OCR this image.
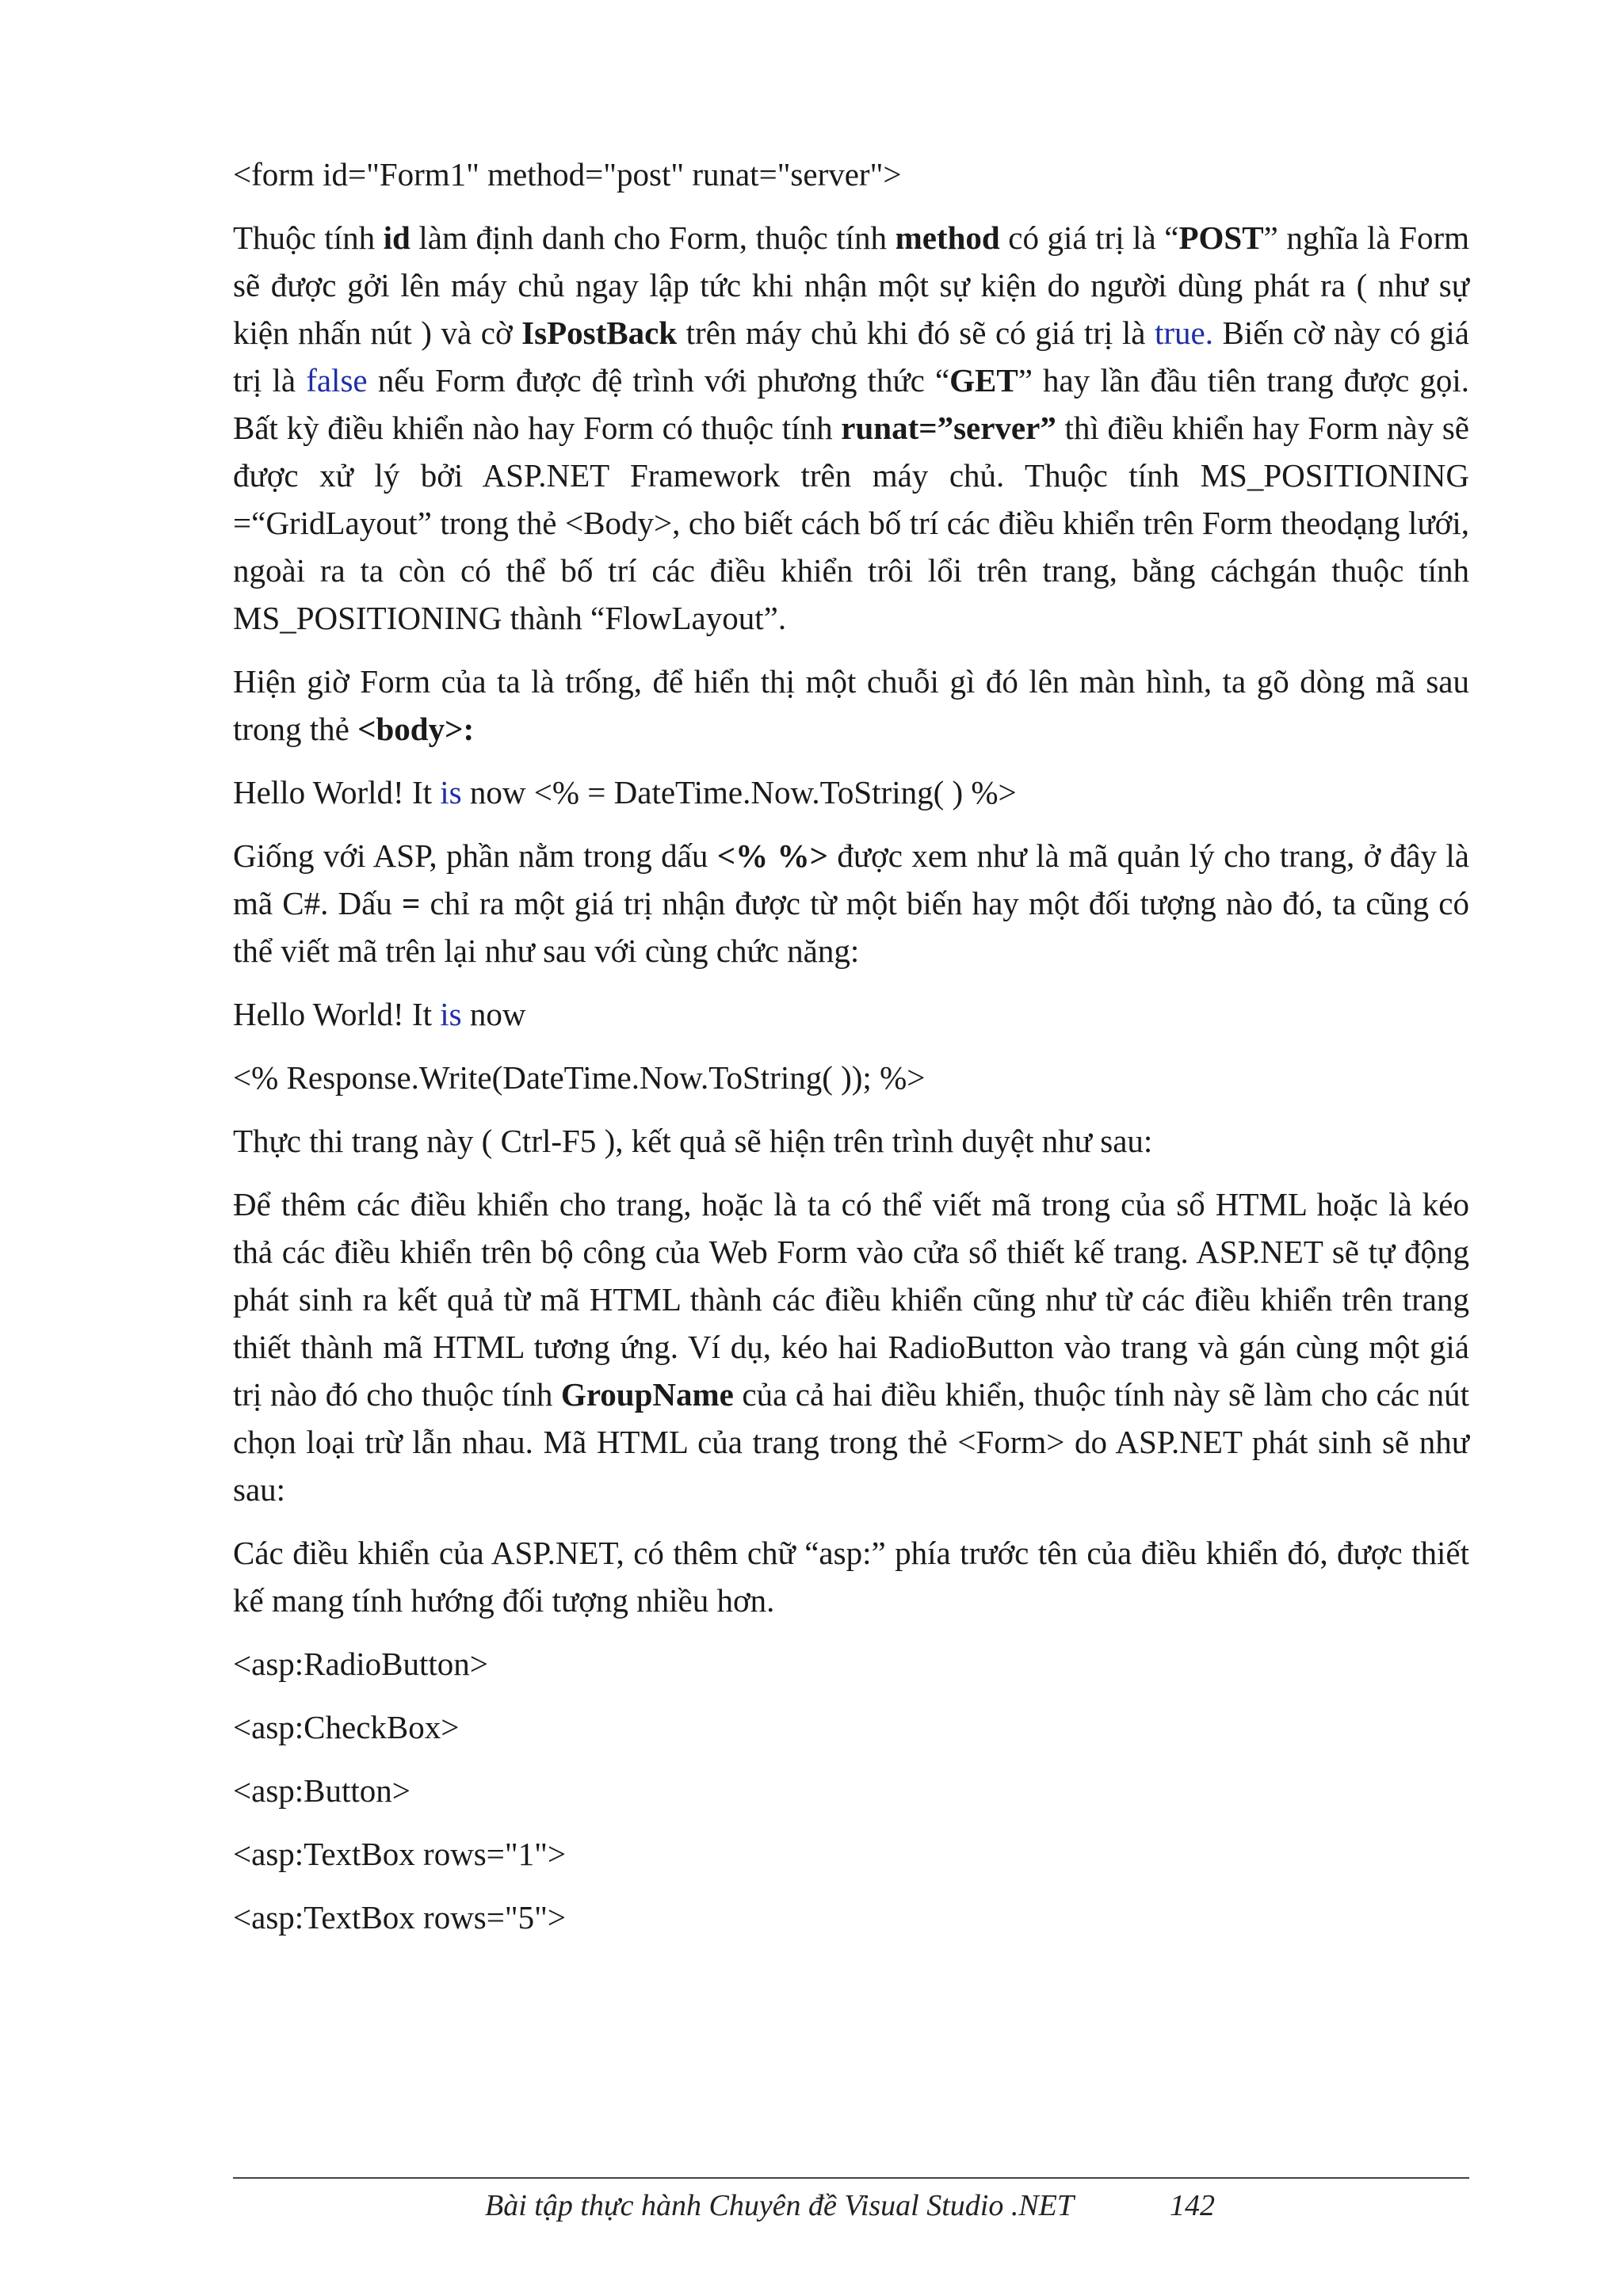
<form id="Form1" method="post" runat="server">

Thuộc tính id làm định danh cho Form, thuộc tính method có giá trị là “POST” nghĩa là Form sẽ được gởi lên máy chủ ngay lập tức khi nhận một sự kiện do người dùng phát ra ( như sự kiện nhấn nút ) và cờ IsPostBack trên máy chủ khi đó sẽ có giá trị là true. Biến cờ này có giá trị là false nếu Form được đệ trình với phương thức “GET” hay lần đầu tiên trang được gọi. Bất kỳ điều khiển nào hay Form có thuộc tính runat=”server” thì điều khiển hay Form này sẽ được xử lý bởi ASP.NET Framework trên máy chủ. Thuộc tính MS_POSITIONING =“GridLayout” trong thẻ <Body>, cho biết cách bố trí các điều khiển trên Form theodạng lưới, ngoài ra ta còn có thể bố trí các điều khiển trôi lổi trên trang, bằng cáchgán thuộc tính MS_POSITIONING thành “FlowLayout”.

Hiện giờ Form của ta là trống, để hiển thị một chuỗi gì đó lên màn hình, ta gõ dòng mã sau trong thẻ <body>:

Hello World! It is now <% = DateTime.Now.ToString( ) %>

Giống với ASP, phần nằm trong dấu <% %> được xem như là mã quản lý cho trang, ở đây là mã C#. Dấu = chỉ ra một giá trị nhận được từ một biến hay một đối tượng nào đó, ta cũng có thể viết mã trên lại như sau với cùng chức năng:

Hello World! It is now

<% Response.Write(DateTime.Now.ToString( )); %>

Thực thi trang này ( Ctrl-F5 ), kết quả sẽ hiện trên trình duyệt như sau:

Để thêm các điều khiển cho trang, hoặc là ta có thể viết mã trong của sổ HTML hoặc là kéo thả các điều khiển trên bộ công của Web Form vào cửa sổ thiết kế trang. ASP.NET sẽ tự động phát sinh ra kết quả từ mã HTML thành các điều khiển cũng như từ các điều khiển trên trang thiết thành mã HTML tương ứng. Ví dụ, kéo hai RadioButton vào trang và gán cùng một giá trị nào đó cho thuộc tính GroupName của cả hai điều khiển, thuộc tính này sẽ làm cho các nút chọn loại trừ lẫn nhau. Mã HTML của trang trong thẻ <Form> do ASP.NET phát sinh sẽ như sau:

Các điều khiển của ASP.NET, có thêm chữ “asp:” phía trước tên của điều khiển đó, được thiết kế mang tính hướng đối tượng nhiều hơn.

<asp:RadioButton>

<asp:CheckBox>

<asp:Button>

<asp:TextBox rows="1">

<asp:TextBox rows="5">

Bài tập thực hành Chuyên đề Visual Studio .NET	142
